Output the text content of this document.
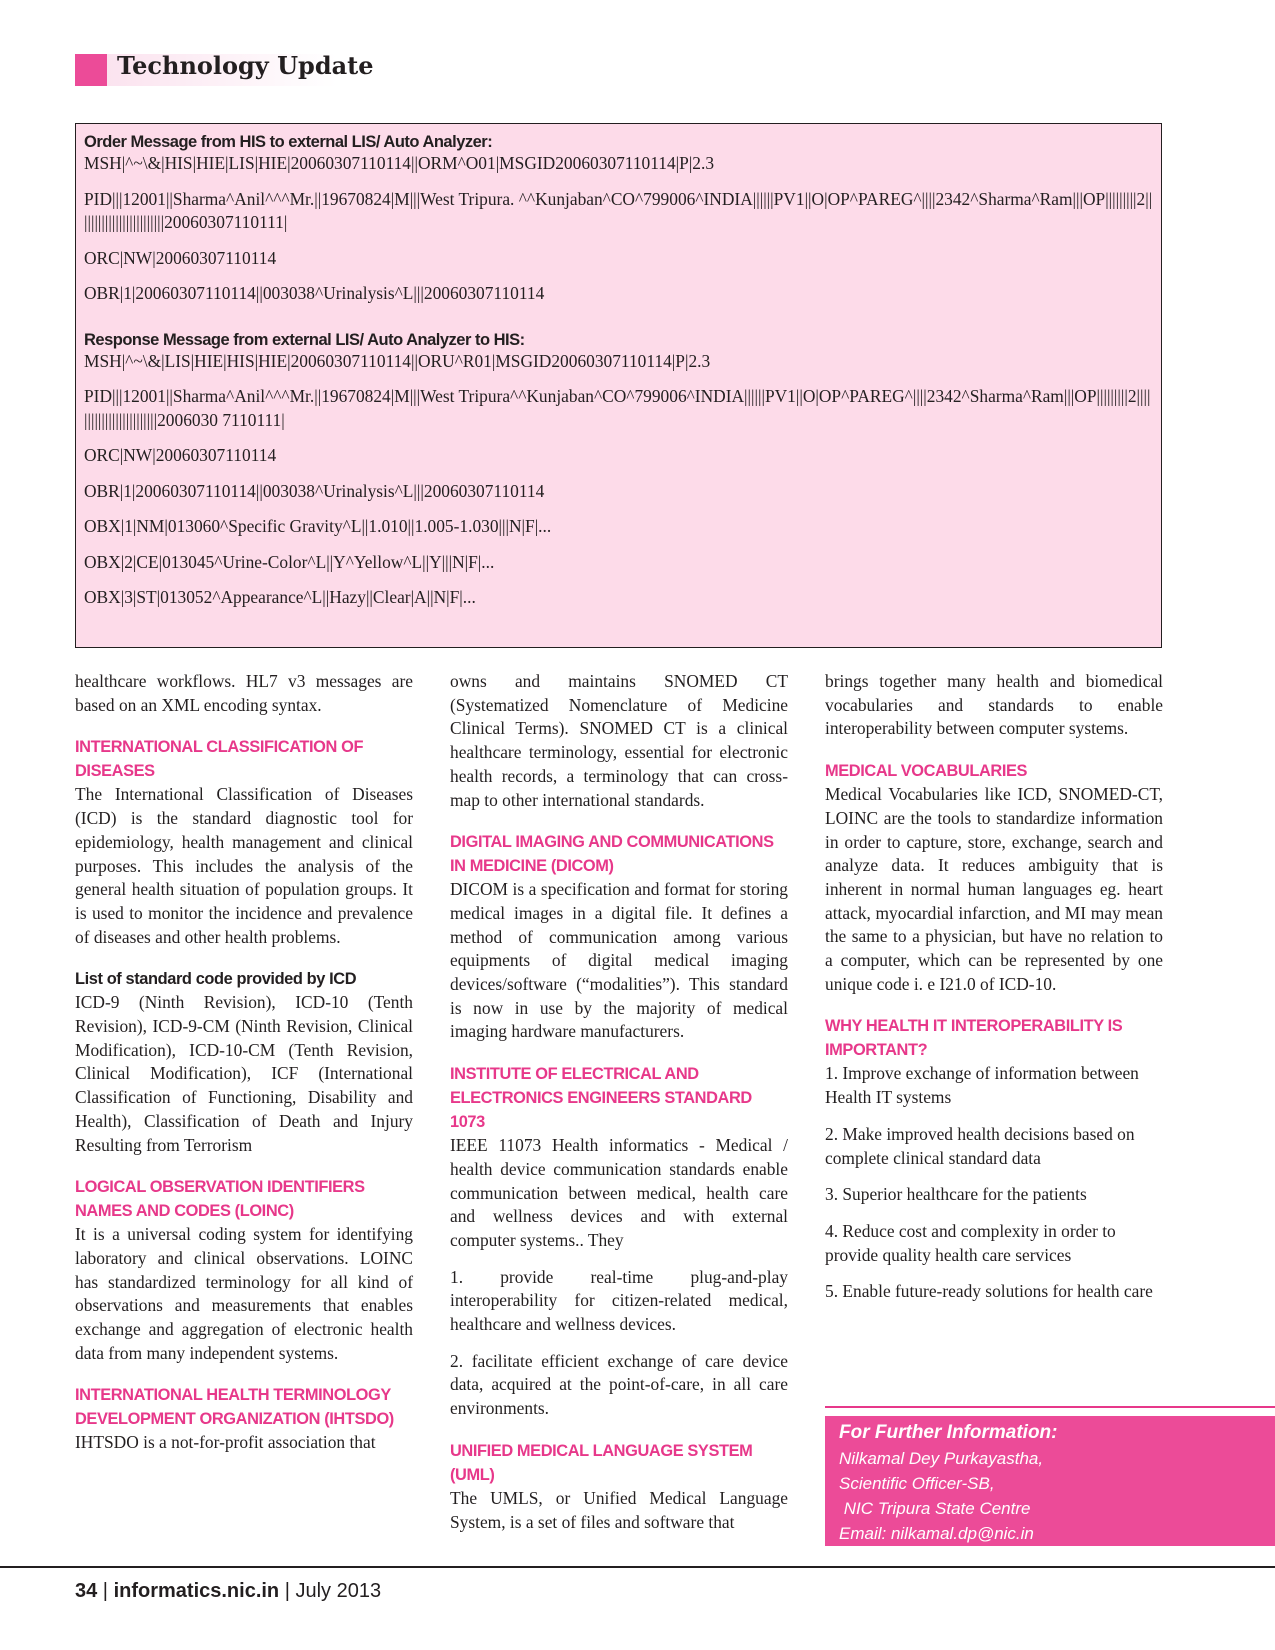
Technology Update
Order Message from HIS to external LIS/ Auto Analyzer:
MSH|^~\&|HIS|HIE|LIS|HIE|20060307110114||ORM^O01|MSGID20060307110114|P|2.3
PID|||12001||Sharma^Anil^^^Mr.||19670824|M|||West Tripura. ^^Kunjaban^CO^799006^INDIA||||||PV1||O|OP^PAREG^||||2342^Sharma^Ram|||OP|||||||||2|||||||||||||||||||||||||20060307110111|
ORC|NW|20060307110114
OBR|1|20060307110114||003038^Urinalysis^L|||20060307110114
Response Message from external LIS/ Auto Analyzer to HIS:
MSH|^~\&|LIS|HIE|HIS|HIE|20060307110114||ORU^R01|MSGID20060307110114|P|2.3
PID|||12001||Sharma^Anil^^^Mr.||19670824|M|||West Tripura^^Kunjaban^CO^799006^INDIA||||||PV1||O|OP^PAREG^||||2342^Sharma^Ram|||OP|||||||||2|||||||||||||||||||||||||2006030 7110111|
ORC|NW|20060307110114
OBR|1|20060307110114||003038^Urinalysis^L|||20060307110114
OBX|1|NM|013060^Specific Gravity^L||1.010||1.005-1.030|||N|F|...
OBX|2|CE|013045^Urine-Color^L||Y^Yellow^L||Y|||N|F|...
OBX|3|ST|013052^Appearance^L||Hazy||Clear|A||N|F|...

healthcare workflows. HL7 v3 messages are based on an XML encoding syntax.

INTERNATIONAL CLASSIFICATION OF DISEASES

The International Classification of Diseases (ICD) is the standard diagnostic tool for epidemiology, health management and clinical purposes. This includes the analysis of the general health situation of population groups. It is used to monitor the incidence and prevalence of diseases and other health problems.

List of standard code provided by ICD

ICD-9 (Ninth Revision), ICD-10 (Tenth Revision), ICD-9-CM (Ninth Revision, Clinical Modification), ICD-10-CM (Tenth Revision, Clinical Modification), ICF (International Classification of Functioning, Disability and Health), Classification of Death and Injury Resulting from Terrorism

LOGICAL OBSERVATION IDENTIFIERS NAMES AND CODES (LOINC)

It is a universal coding system for identifying laboratory and clinical observations. LOINC has standardized terminology for all kind of observations and measurements that enables exchange and aggregation of electronic health data from many independent systems.

INTERNATIONAL HEALTH TERMINOLOGY DEVELOPMENT ORGANIZATION (IHTSDO)

IHTSDO is a not-for-profit association that

owns and maintains SNOMED CT (Systematized Nomenclature of Medicine Clinical Terms). SNOMED CT is a clinical healthcare terminology, essential for electronic health records, a terminology that can cross-map to other international standards.

DIGITAL IMAGING AND COMMUNICATIONS IN MEDICINE (DICOM)

DICOM is a specification and format for storing medical images in a digital file. It defines a method of communication among various equipments of digital medical imaging devices/software (“modalities”). This standard is now in use by the majority of medical imaging hardware manufacturers.

INSTITUTE OF ELECTRICAL AND ELECTRONICS ENGINEERS STANDARD 1073

IEEE 11073 Health informatics - Medical / health device communication standards enable communication between medical, health care and wellness devices and with external computer systems.. They

1. provide real-time plug-and-play interoperability for citizen-related medical, healthcare and wellness devices.

2. facilitate efficient exchange of care device data, acquired at the point-of-care, in all care environments.

UNIFIED MEDICAL LANGUAGE SYSTEM (UML)

The UMLS, or Unified Medical Language System, is a set of files and software that

brings together many health and biomedical vocabularies and standards to enable interoperability between computer systems.

MEDICAL VOCABULARIES

Medical Vocabularies like ICD, SNOMED-CT, LOINC are the tools to standardize information in order to capture, store, exchange, search and analyze data. It reduces ambiguity that is inherent in normal human languages eg. heart attack, myocardial infarction, and MI may mean the same to a physician, but have no relation to a computer, which can be represented by one unique code i. e I21.0 of ICD-10.

WHY HEALTH IT INTEROPERABILITY IS IMPORTANT?

1. Improve exchange of information between Health IT systems

2. Make improved health decisions based on complete clinical standard data

3. Superior healthcare for the patients

4. Reduce cost and complexity in order to provide quality health care services

5. Enable future-ready solutions for health care

For Further Information:
Nilkamal Dey Purkayastha,
Scientific Officer-SB,
NIC Tripura State Centre
Email: nilkamal.dp@nic.in
34 | informatics.nic.in | July 2013
